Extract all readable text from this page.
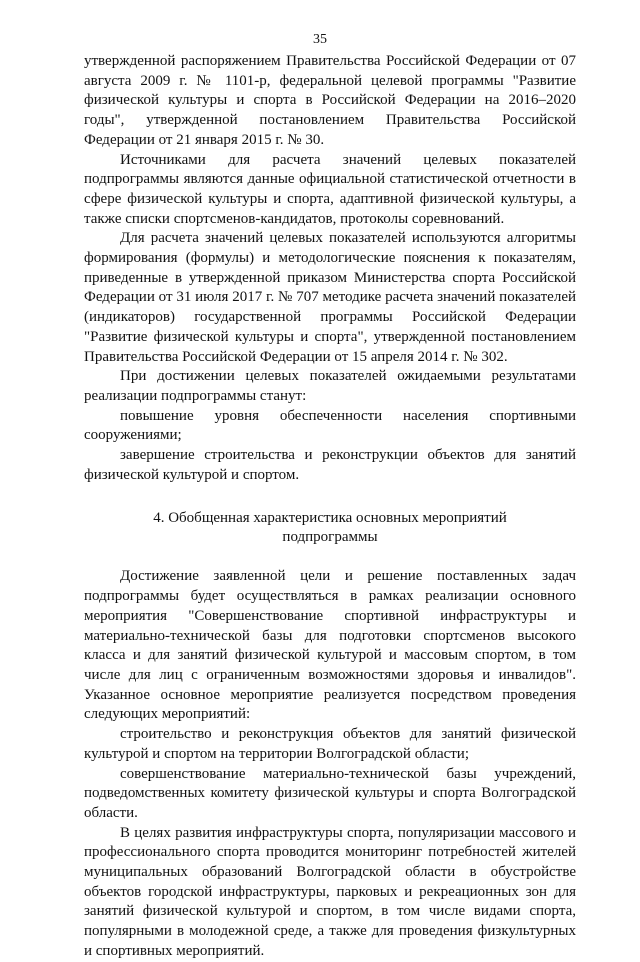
35

утвержденной распоряжением Правительства Российской Федерации от 07 августа 2009 г. № 1101-р, федеральной целевой программы "Развитие физической культуры и спорта в Российской Федерации на 2016–2020 годы", утвержденной постановлением Правительства Российской Федерации от 21 января 2015 г. № 30.

Источниками для расчета значений целевых показателей подпрограммы являются данные официальной статистической отчетности в сфере физической культуры и спорта, адаптивной физической культуры, а также списки спортсменов-кандидатов, протоколы соревнований.

Для расчета значений целевых показателей используются алгоритмы формирования (формулы) и методологические пояснения к показателям, приведенные в утвержденной приказом Министерства спорта Российской Федерации от 31 июля 2017 г. № 707 методике расчета значений показателей (индикаторов) государственной программы Российской Федерации "Развитие физической культуры и спорта", утвержденной постановлением Правительства Российской Федерации от 15 апреля 2014 г. № 302.

При достижении целевых показателей ожидаемыми результатами реализации подпрограммы станут:

повышение уровня обеспеченности населения спортивными сооружениями;

завершение строительства и реконструкции объектов для занятий физической культурой и спортом.

4. Обобщенная характеристика основных мероприятий
подпрограммы

Достижение заявленной цели и решение поставленных задач подпрограммы будет осуществляться в рамках реализации основного мероприятия "Совершенствование спортивной инфраструктуры и материально-технической базы для подготовки спортсменов высокого класса и для занятий физической культурой и массовым спортом, в том числе для лиц с ограниченным возможностями здоровья и инвалидов". Указанное основное мероприятие реализуется посредством проведения следующих мероприятий:

строительство и реконструкция объектов для занятий физической культурой и спортом на территории Волгоградской области;

совершенствование материально-технической базы учреждений, подведомственных комитету физической культуры и спорта Волгоградской области.

В целях развития инфраструктуры спорта, популяризации массового и профессионального спорта проводится мониторинг потребностей жителей муниципальных образований Волгоградской области в обустройстве объектов городской инфраструктуры, парковых и рекреационных зон для занятий физической культурой и спортом, в том числе видами спорта, популярными в молодежной среде, а также для проведения физкультурных и спортивных мероприятий.
